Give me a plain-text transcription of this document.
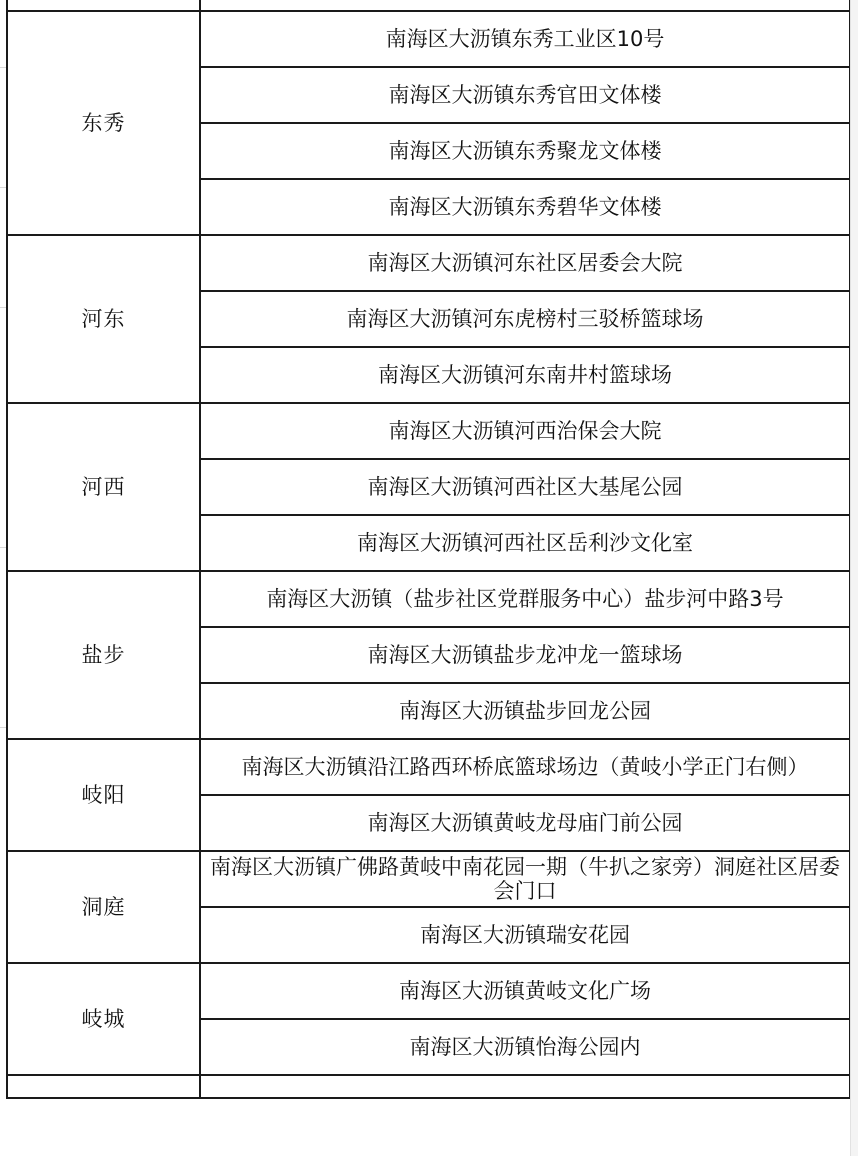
东秀	南海区大沥镇东秀工业区10号
	南海区大沥镇东秀官田文体楼
	南海区大沥镇东秀聚龙文体楼
	南海区大沥镇东秀碧华文体楼
河东	南海区大沥镇河东社区居委会大院
	南海区大沥镇河东虎榜村三驳桥篮球场
	南海区大沥镇河东南井村篮球场
河西	南海区大沥镇河西治保会大院
	南海区大沥镇河西社区大基尾公园
	南海区大沥镇河西社区岳利沙文化室
盐步	南海区大沥镇（盐步社区党群服务中心）盐步河中路3号
	南海区大沥镇盐步龙冲龙一篮球场
	南海区大沥镇盐步回龙公园
岐阳	南海区大沥镇沿江路西环桥底篮球场边（黄岐小学正门右侧）
	南海区大沥镇黄岐龙母庙门前公园
洞庭	南海区大沥镇广佛路黄岐中南花园一期（牛扒之家旁）洞庭社区居委会门口
	南海区大沥镇瑞安花园
岐城	南海区大沥镇黄岐文化广场
	南海区大沥镇怡海公园内
